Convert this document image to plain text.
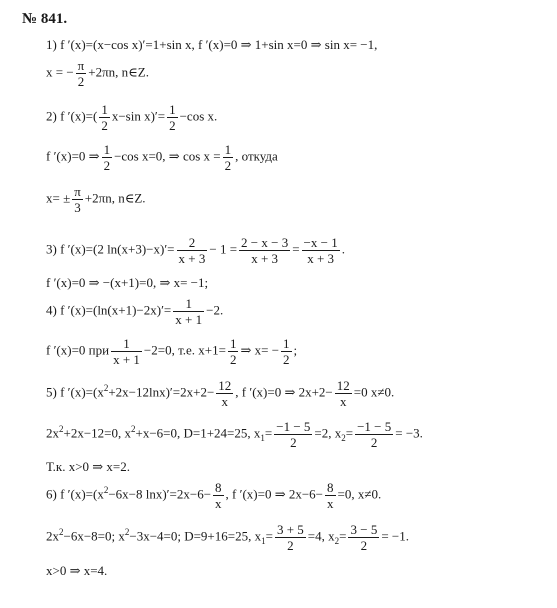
№ 841.
1) f ′(x)=(x−cos x)′=1+sin x, f ′(x)=0 ⇒ 1+sin x=0 ⇒ sin x= −1,
x = − $\frac{\pi}{2} +2\pi n$, n∈Z.
2) f $'(x)=( \frac{1}{2} x-\sin$ $x)'= \frac{1}{2} -\cos$ x.
f ′(x)=0 ⇒ $\frac{1}{2} -\cos$ x=0, ⇒ $\cos x = \frac{1}{2}$ , откуда
$x= \pm \frac{\pi}{3} +2\pi n$, n∈Z.
3) f ′(x)=(2 $\ln(x+3)-x)'= \frac{2}{x + 3} - 1 = \frac{2 - x - 3}{x + 3} = \frac{-x - 1}{x + 3}$ .
f ′(x)=0 ⇒ −(x+1)=0, ⇒ x= −1;
4) f $'(x)=(\ln(x+1)-2x)'= \frac{1}{x + 1} -2$.
f ′(x)=0 при $\frac{1}{x + 1} -2=0$, т.е. $x+1= \frac{1}{2}$ ⇒ $x= - \frac{1}{2}$ ;
5) f $'(x)=(x^2+2x-12\ln x)'=2x+2- \frac{12}{x}$ , f ′(x)=0 ⇒ $2x+2- \frac{12}{x} =0$ x≠0.
$2x^2+2x-12=0$, $x^2+x-6=0$, D=1+24=25, $x_1= \frac{-1 - 5}{2} =2$, $x_2= \frac{-1 - 5}{2} = -3$.
Т.к. x>0 ⇒ x=2.
6) f $'(x)=(x^2-6x-8$ $\ln x)'=2x-6- \frac{8}{x}$ , f ′(x)=0 ⇒ $2x-6- \frac{8}{x} =0$, x≠0.
$2x^2-6x-8=0$; $x^2-3x-4=0$; D=9+16=25, $x_1= \frac{3 + 5}{2} =4$, $x_2= \frac{3 - 5}{2} = -1$.
x>0 ⇒ x=4.
